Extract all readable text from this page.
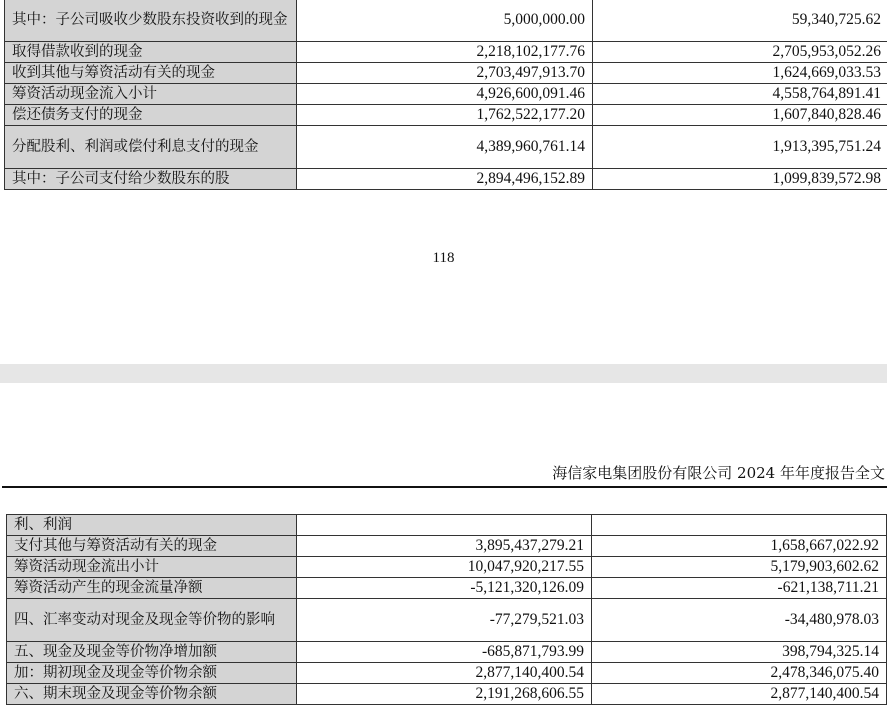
其中：子公司吸收少数股东投资收到的现金	5,000,000.00	59,340,725.62
取得借款收到的现金	2,218,102,177.76	2,705,953,052.26
收到其他与筹资活动有关的现金	2,703,497,913.70	1,624,669,033.53
筹资活动现金流入小计	4,926,600,091.46	4,558,764,891.41
偿还债务支付的现金	1,762,522,177.20	1,607,840,828.46
分配股利、利润或偿付利息支付的现金	4,389,960,761.14	1,913,395,751.24
其中：子公司支付给少数股东的股	2,894,496,152.89	1,099,839,572.98
118
海信家电集团股份有限公司 2024 年年度报告全文
利、利润		
支付其他与筹资活动有关的现金	3,895,437,279.21	1,658,667,022.92
筹资活动现金流出小计	10,047,920,217.55	5,179,903,602.62
筹资活动产生的现金流量净额	-5,121,320,126.09	-621,138,711.21
四、汇率变动对现金及现金等价物的影响	-77,279,521.03	-34,480,978.03
五、现金及现金等价物净增加额	-685,871,793.99	398,794,325.14
加：期初现金及现金等价物余额	2,877,140,400.54	2,478,346,075.40
六、期末现金及现金等价物余额	2,191,268,606.55	2,877,140,400.54
